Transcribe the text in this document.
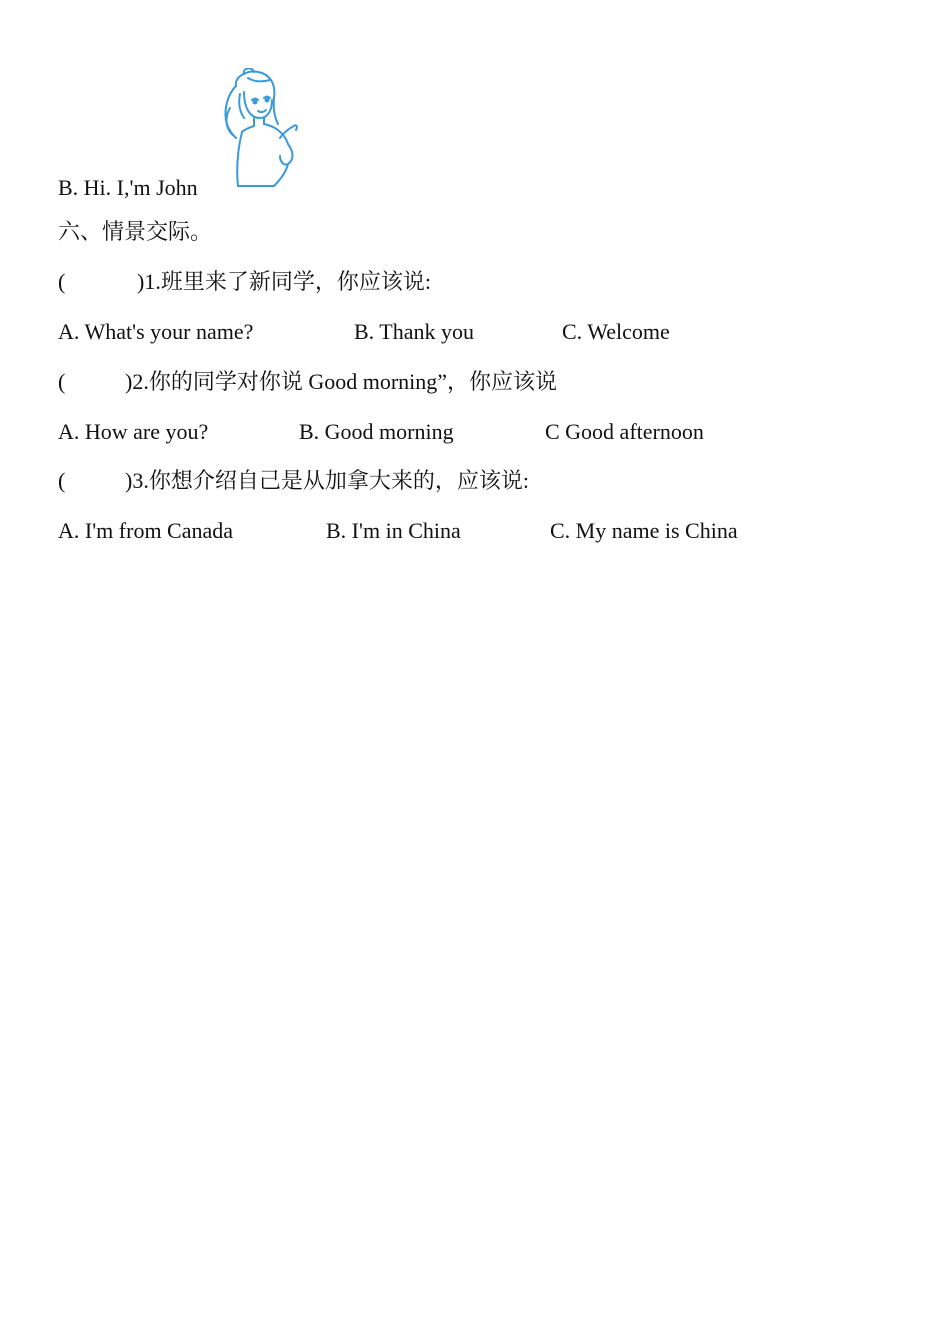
B. Hi. I,'m John
六、情景交际。
(	)1.班里来了新同学，你应该说:
A. What's your name?	B. Thank you	C. Welcome
(	)2.你的同学对你说 Good morning”，你应该说
A. How are you?	B. Good morning	C Good afternoon
(	)3.你想介绍自己是从加拿大来的，应该说:
A. I'm from Canada	B. I'm in China	C. My name is China
